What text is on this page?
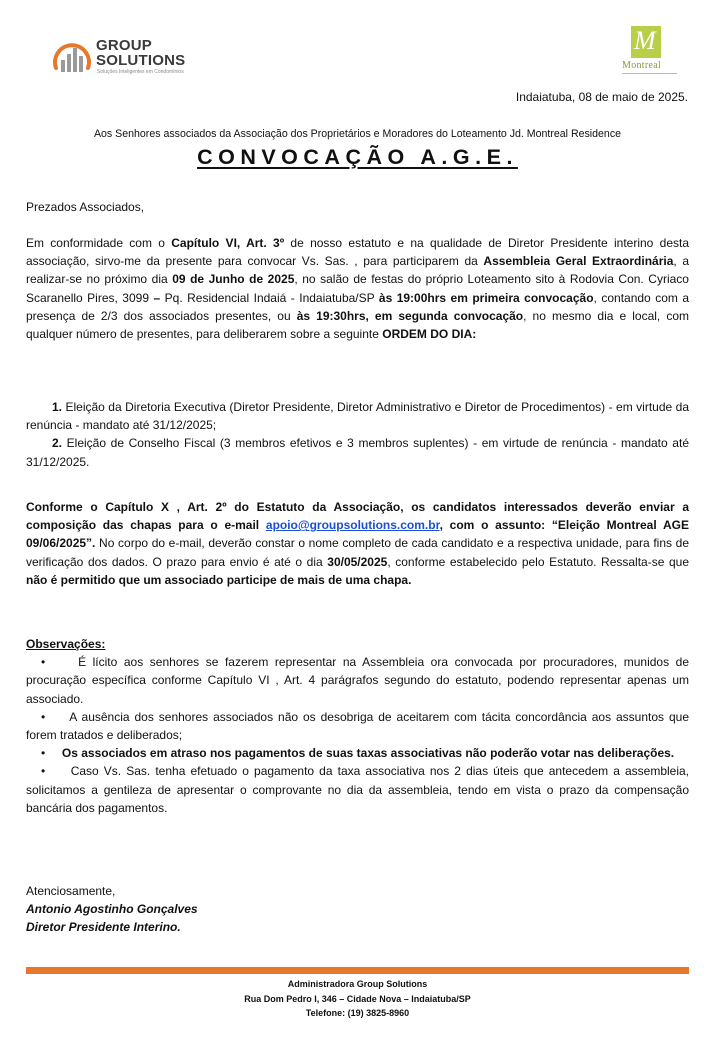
GROUP
SOLUTIONS
Soluções Inteligentes em Condomínios
M
Montreal
Indaiatuba, 08 de maio de 2025.
Aos Senhores associados da Associação dos Proprietários e Moradores do Loteamento Jd. Montreal Residence
CONVOCAÇÃO A.G.E.

Prezados Associados,

Em conformidade com o Capítulo VI, Art. 3º de nosso estatuto e na qualidade de Diretor Presidente interino desta associação, sirvo-me da presente para convocar Vs. Sas. , para participarem da Assembleia Geral Extraordinária, a realizar-se no próximo dia 09 de Junho de 2025, no salão de festas do próprio Loteamento sito à Rodovia Con. Cyriaco Scaranello Pires, 3099 – Pq. Residencial Indaiá - Indaiatuba/SP às 19:00hrs em primeira convocação, contando com a presença de 2/3 dos associados presentes, ou às 19:30hrs, em segunda convocação, no mesmo dia e local, com qualquer número de presentes, para deliberarem sobre a seguinte ORDEM DO DIA:

1. Eleição da Diretoria Executiva (Diretor Presidente, Diretor Administrativo e Diretor de Procedimentos) - em virtude da renúncia - mandato até 31/12/2025;

2. Eleição de Conselho Fiscal (3 membros efetivos e 3 membros suplentes) - em virtude de renúncia - mandato até 31/12/2025.

Conforme o Capítulo X , Art. 2º do Estatuto da Associação, os candidatos interessados deverão enviar a composição das chapas para o e-mail apoio@groupsolutions.com.br, com o assunto: “Eleição Montreal AGE 09/06/2025”. No corpo do e-mail, deverão constar o nome completo de cada candidato e a respectiva unidade, para fins de verificação dos dados. O prazo para envio é até o dia 30/05/2025, conforme estabelecido pelo Estatuto. Ressalta-se que não é permitido que um associado participe de mais de uma chapa.

Observações:

•	É lícito aos senhores se fazerem representar na Assembleia ora convocada por procuradores, munidos de procuração específica conforme Capítulo VI , Art. 4 parágrafos segundo do estatuto, podendo representar apenas um associado.

• A ausência dos senhores associados não os desobriga de aceitarem com tácita concordância aos assuntos que forem tratados e deliberados;

• Os associados em atraso nos pagamentos de suas taxas associativas não poderão votar nas deliberações.

• Caso Vs. Sas. tenha efetuado o pagamento da taxa associativa nos 2 dias úteis que antecedem a assembleia, solicitamos a gentileza de apresentar o comprovante no dia da assembleia, tendo em vista o prazo da compensação bancária dos pagamentos.

Atenciosamente,

Antonio Agostinho Gonçalves

Diretor Presidente Interino.

Administradora Group Solutions
Rua Dom Pedro I, 346 – Cidade Nova – Indaiatuba/SP
Telefone: (19) 3825-8960
